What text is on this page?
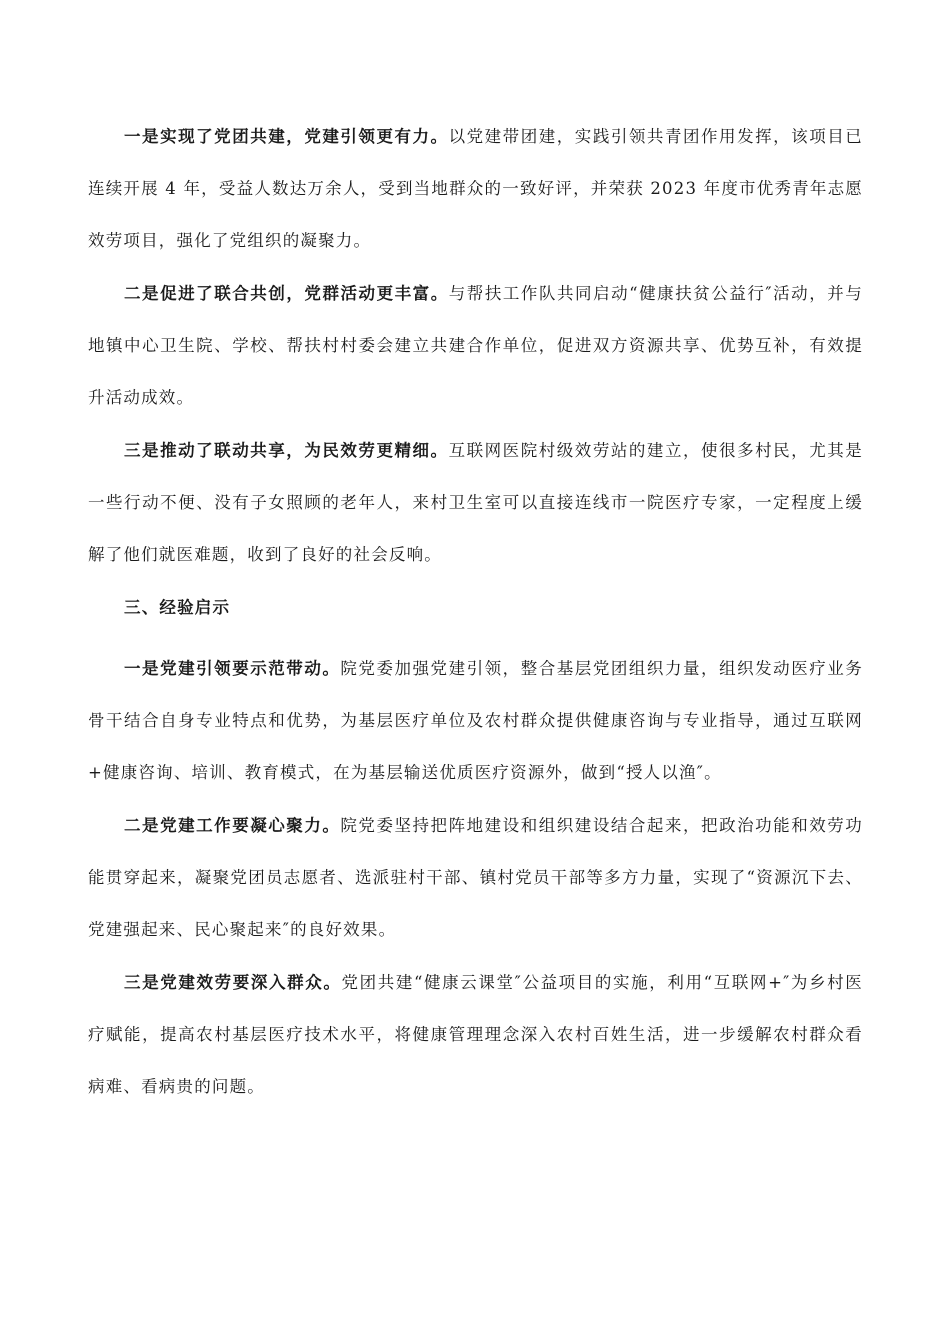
一是实现了党团共建，党建引领更有力。以党建带团建，实践引领共青团作用发挥，该项目已连续开展 4 年，受益人数达万余人，受到当地群众的一致好评，并荣获 2023 年度市优秀青年志愿效劳项目，强化了党组织的凝聚力。

二是促进了联合共创，党群活动更丰富。与帮扶工作队共同启动“健康扶贫公益行″活动，并与地镇中心卫生院、学校、帮扶村村委会建立共建合作单位，促进双方资源共享、优势互补，有效提升活动成效。

三是推动了联动共享，为民效劳更精细。互联网医院村级效劳站的建立，使很多村民，尤其是一些行动不便、没有子女照顾的老年人，来村卫生室可以直接连线市一院医疗专家，一定程度上缓解了他们就医难题，收到了良好的社会反响。

三、经验启示

一是党建引领要示范带动。院党委加强党建引领，整合基层党团组织力量，组织发动医疗业务骨干结合自身专业特点和优势，为基层医疗单位及农村群众提供健康咨询与专业指导，通过互联网+健康咨询、培训、教育模式，在为基层输送优质医疗资源外，做到“授人以渔″。

二是党建工作要凝心聚力。院党委坚持把阵地建设和组织建设结合起来，把政治功能和效劳功能贯穿起来，凝聚党团员志愿者、选派驻村干部、镇村党员干部等多方力量，实现了“资源沉下去、党建强起来、民心聚起来″的良好效果。

三是党建效劳要深入群众。党团共建“健康云课堂″公益项目的实施，利用“互联网+″为乡村医疗赋能，提高农村基层医疗技术水平，将健康管理理念深入农村百姓生活，进一步缓解农村群众看病难、看病贵的问题。
